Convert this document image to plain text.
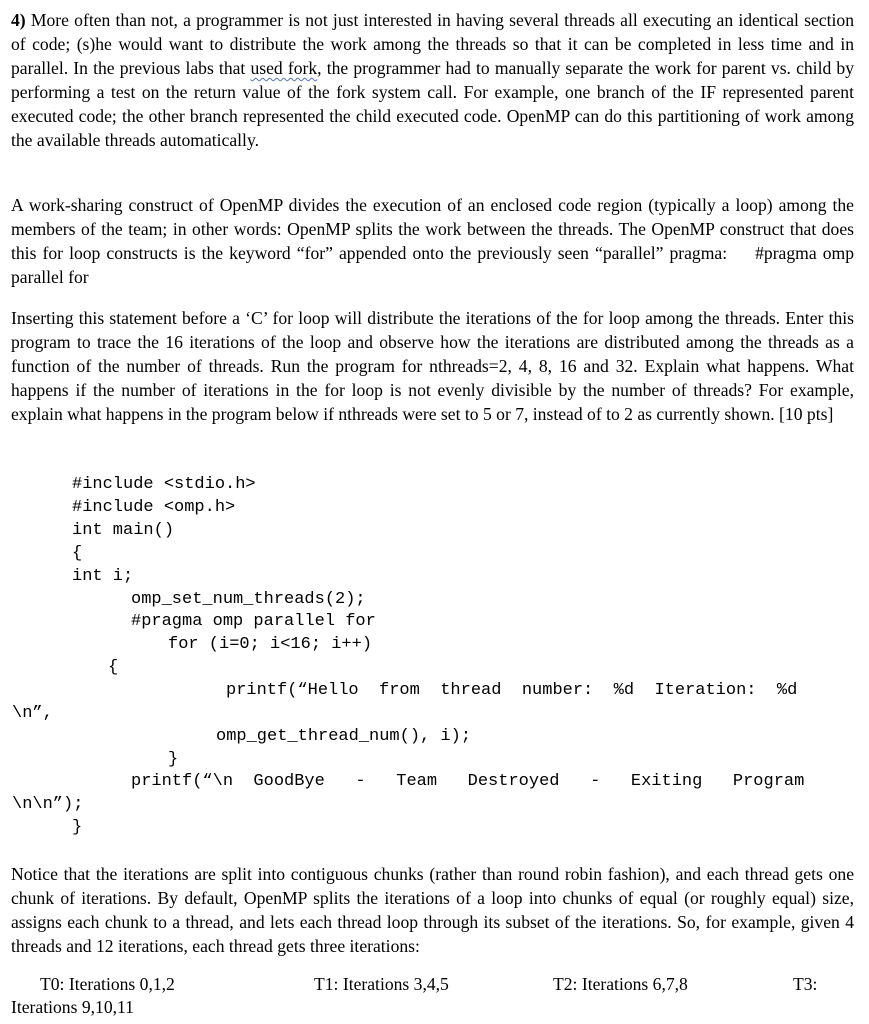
4) More often than not, a programmer is not just interested in having several threads all executing an identical section of code; (s)he would want to distribute the work among the threads so that it can be completed in less time and in parallel. In the previous labs that used fork, the programmer had to manually separate the work for parent vs. child by performing a test on the return value of the fork system call. For example, one branch of the IF represented parent executed code; the other branch represented the child executed code. OpenMP can do this partitioning of work among the available threads automatically.

A work-sharing construct of OpenMP divides the execution of an enclosed code region (typically a loop) among the members of the team; in other words: OpenMP splits the work between the threads. The OpenMP construct that does this for loop constructs is the keyword “for” appended onto the previously seen “parallel” pragma: #pragma omp parallel for

Inserting this statement before a ‘C’ for loop will distribute the iterations of the for loop among the threads. Enter this program to trace the 16 iterations of the loop and observe how the iterations are distributed among the threads as a function of the number of threads. Run the program for nthreads=2, 4, 8, 16 and 32. Explain what happens. What happens if the number of iterations in the for loop is not evenly divisible by the number of threads? For example, explain what happens in the program below if nthreads were set to 5 or 7, instead of to 2 as currently shown. [10 pts]

#include <stdio.h>
#include <omp.h>
int main()
{
int i;
omp_set_num_threads(2);
#pragma omp parallel for
for (i=0; i<16; i++)
{
printf(“Hello  from  thread  number:  %d  Iteration:  %d
\n”,
omp_get_thread_num(), i);
}
printf(“\n  GoodBye   -   Team   Destroyed   -   Exiting   Program
\n\n”);
}

Notice that the iterations are split into contiguous chunks (rather than round robin fashion), and each thread gets one chunk of iterations. By default, OpenMP splits the iterations of a loop into chunks of equal (or roughly equal) size, assigns each chunk to a thread, and lets each thread loop through its subset of the iterations. So, for example, given 4 threads and 12 iterations, each thread gets three iterations:

T0: Iterations 0,1,2	T1: Iterations 3,4,5	T2: Iterations 6,7,8	T3:
Iterations 9,10,11
